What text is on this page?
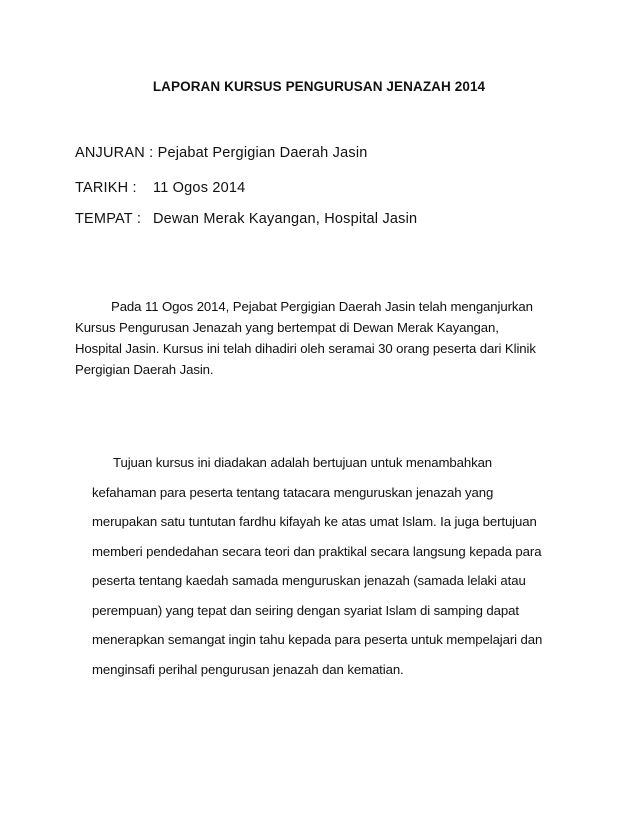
LAPORAN KURSUS PENGURUSAN JENAZAH 2014
ANJURAN : Pejabat Pergigian Daerah Jasin
TARIKH : 11 Ogos 2014
TEMPAT : Dewan Merak Kayangan, Hospital Jasin
Pada 11 Ogos 2014, Pejabat Pergigian Daerah Jasin telah menganjurkan
Kursus Pengurusan Jenazah yang bertempat di Dewan Merak Kayangan,
Hospital Jasin. Kursus ini telah dihadiri oleh seramai 30 orang peserta dari Klinik
Pergigian Daerah Jasin.
Tujuan kursus ini diadakan adalah bertujuan untuk menambahkan
kefahaman para peserta tentang tatacara menguruskan jenazah yang
merupakan satu tuntutan fardhu kifayah ke atas umat Islam. Ia juga bertujuan
memberi pendedahan secara teori dan praktikal secara langsung kepada para
peserta tentang kaedah samada menguruskan jenazah (samada lelaki atau
perempuan) yang tepat dan seiring dengan syariat Islam di samping dapat
menerapkan semangat ingin tahu kepada para peserta untuk mempelajari dan
menginsafi perihal pengurusan jenazah dan kematian.
